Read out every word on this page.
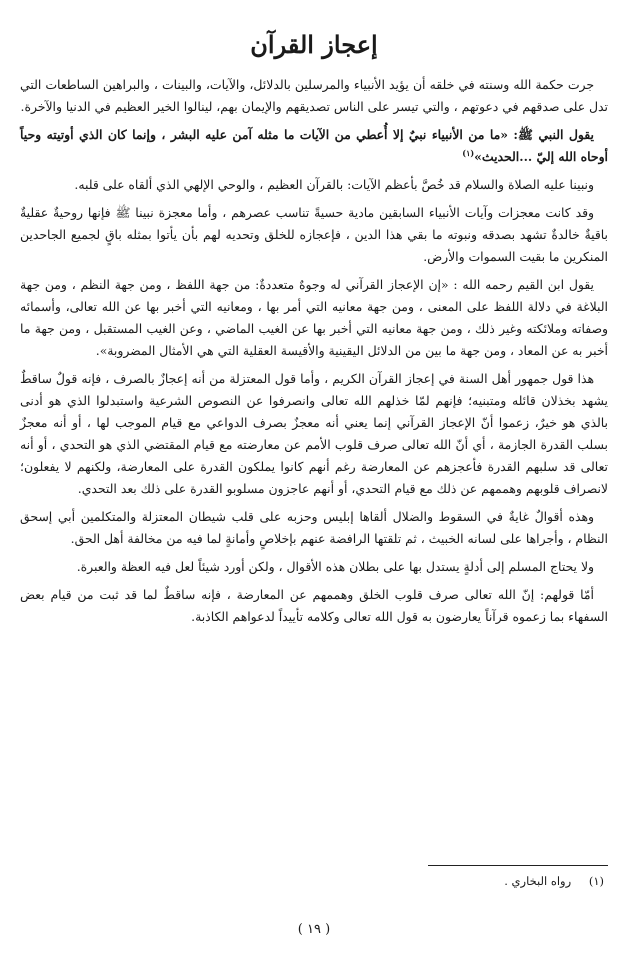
إعجاز القرآن

جرت حكمة الله وسنته في خلقه أن يؤيد الأنبياء والمرسلين بالدلائل، والآيات، والبينات ، والبراهين الساطعات التي تدل على صدقهم في دعوتهم ، والتي تيسر على الناس تصديقهم والإيمان بهم، لينالوا الخير العظيم في الدنيا والآخرة.

يقول النبي ﷺ: «ما من الأنبياء نبيٌ إلا أُعطي من الآيات ما مثله آمن عليه البشر ، وإنما كان الذي أوتيته وحياً أوحاه الله إليّ ...الحديث»$^{(١)}$

ونبينا عليه الصلاة والسلام قد خُصَّ بأعظم الآيات: بالقرآن العظيم ، والوحي الإلهي الذي ألقاه على قلبه.

وقد كانت معجزات وآيات الأنبياء السابقين مادية حسيةً تناسب عصرهم ، وأما معجزة نبينا ﷺ فإنها روحيةٌ عقليةٌ باقيةٌ خالدةٌ تشهد بصدقه ونبوته ما بقي هذا الدين ، فإعجازه للخلق وتحديه لهم بأن يأتوا بمثله باقٍ لجميع الجاحدين المنكرين ما بقيت السموات والأرض.

يقول ابن القيم رحمه الله : «إن الإعجاز القرآني له وجوهٌ متعددةٌ: من جهة اللفظ ، ومن جهة النظم ، ومن جهة البلاغة في دلالة اللفظ على المعنى ، ومن جهة معانيه التي أمر بها ، ومعانيه التي أخبر بها عن الله تعالى، وأسمائه وصفاته وملائكته وغير ذلك ، ومن جهة معانيه التي أخبر بها عن الغيب الماضي ، وعن الغيب المستقبل ، ومن جهة ما أخبر به عن المعاد ، ومن جهة ما بين من الدلائل اليقينية والأقيسة العقلية التي هي الأمثال المضروبة».

هذا قول جمهور أهل السنة في إعجاز القرآن الكريم ، وأما قول المعتزلة من أنه إعجازٌ بالصرف ، فإنه قولٌ ساقطٌ يشهد بخذلان قائله ومتبنيه؛ فإنهم لمّا خذلهم الله تعالى وانصرفوا عن النصوص الشرعية واستبدلوا الذي هو أدنى بالذي هو خيرٌ، زعموا أنّ الإعجاز القرآني إنما يعني أنه معجزٌ بصرف الدواعي مع قيام الموجب لها ، أو أنه معجزٌ بسلب القدرة الجازمة ، أي أنّ الله تعالى صرف قلوب الأمم عن معارضته مع قيام المقتضي الذي هو التحدي ، أو أنه تعالى قد سلبهم القدرة فأعجزهم عن المعارضة رغم أنهم كانوا يملكون القدرة على المعارضة، ولكنهم لا يفعلون؛ لانصراف قلوبهم وهممهم عن ذلك مع قيام التحدي، أو أنهم عاجزون مسلوبو القدرة على ذلك بعد التحدي.

وهذه أقوالٌ غايةٌ في السقوط والضلال ألقاها إبليس وحزبه على قلب شيطان المعتزلة والمتكلمين أبي إسحق النظام ، وأجراها على لسانه الخبيث ، ثم تلقتها الرافضة عنهم بإخلاصٍ وأمانةٍ لما فيه من مخالفة أهل الحق.

ولا يحتاج المسلم إلى أدلةٍ يستدل بها على بطلان هذه الأقوال ، ولكن أورد شيئاً لعل فيه العظة والعبرة.

أمّا قولهم: إنّ الله تعالى صرف قلوب الخلق وهممهم عن المعارضة ، فإنه ساقطٌ لما قد ثبت من قيام بعض السفهاء بما زعموه قرآناً يعارضون به قول الله تعالى وكلامه تأييداً لدعواهم الكاذبة.

(١) رواه البخاري .
( ١٩ )
